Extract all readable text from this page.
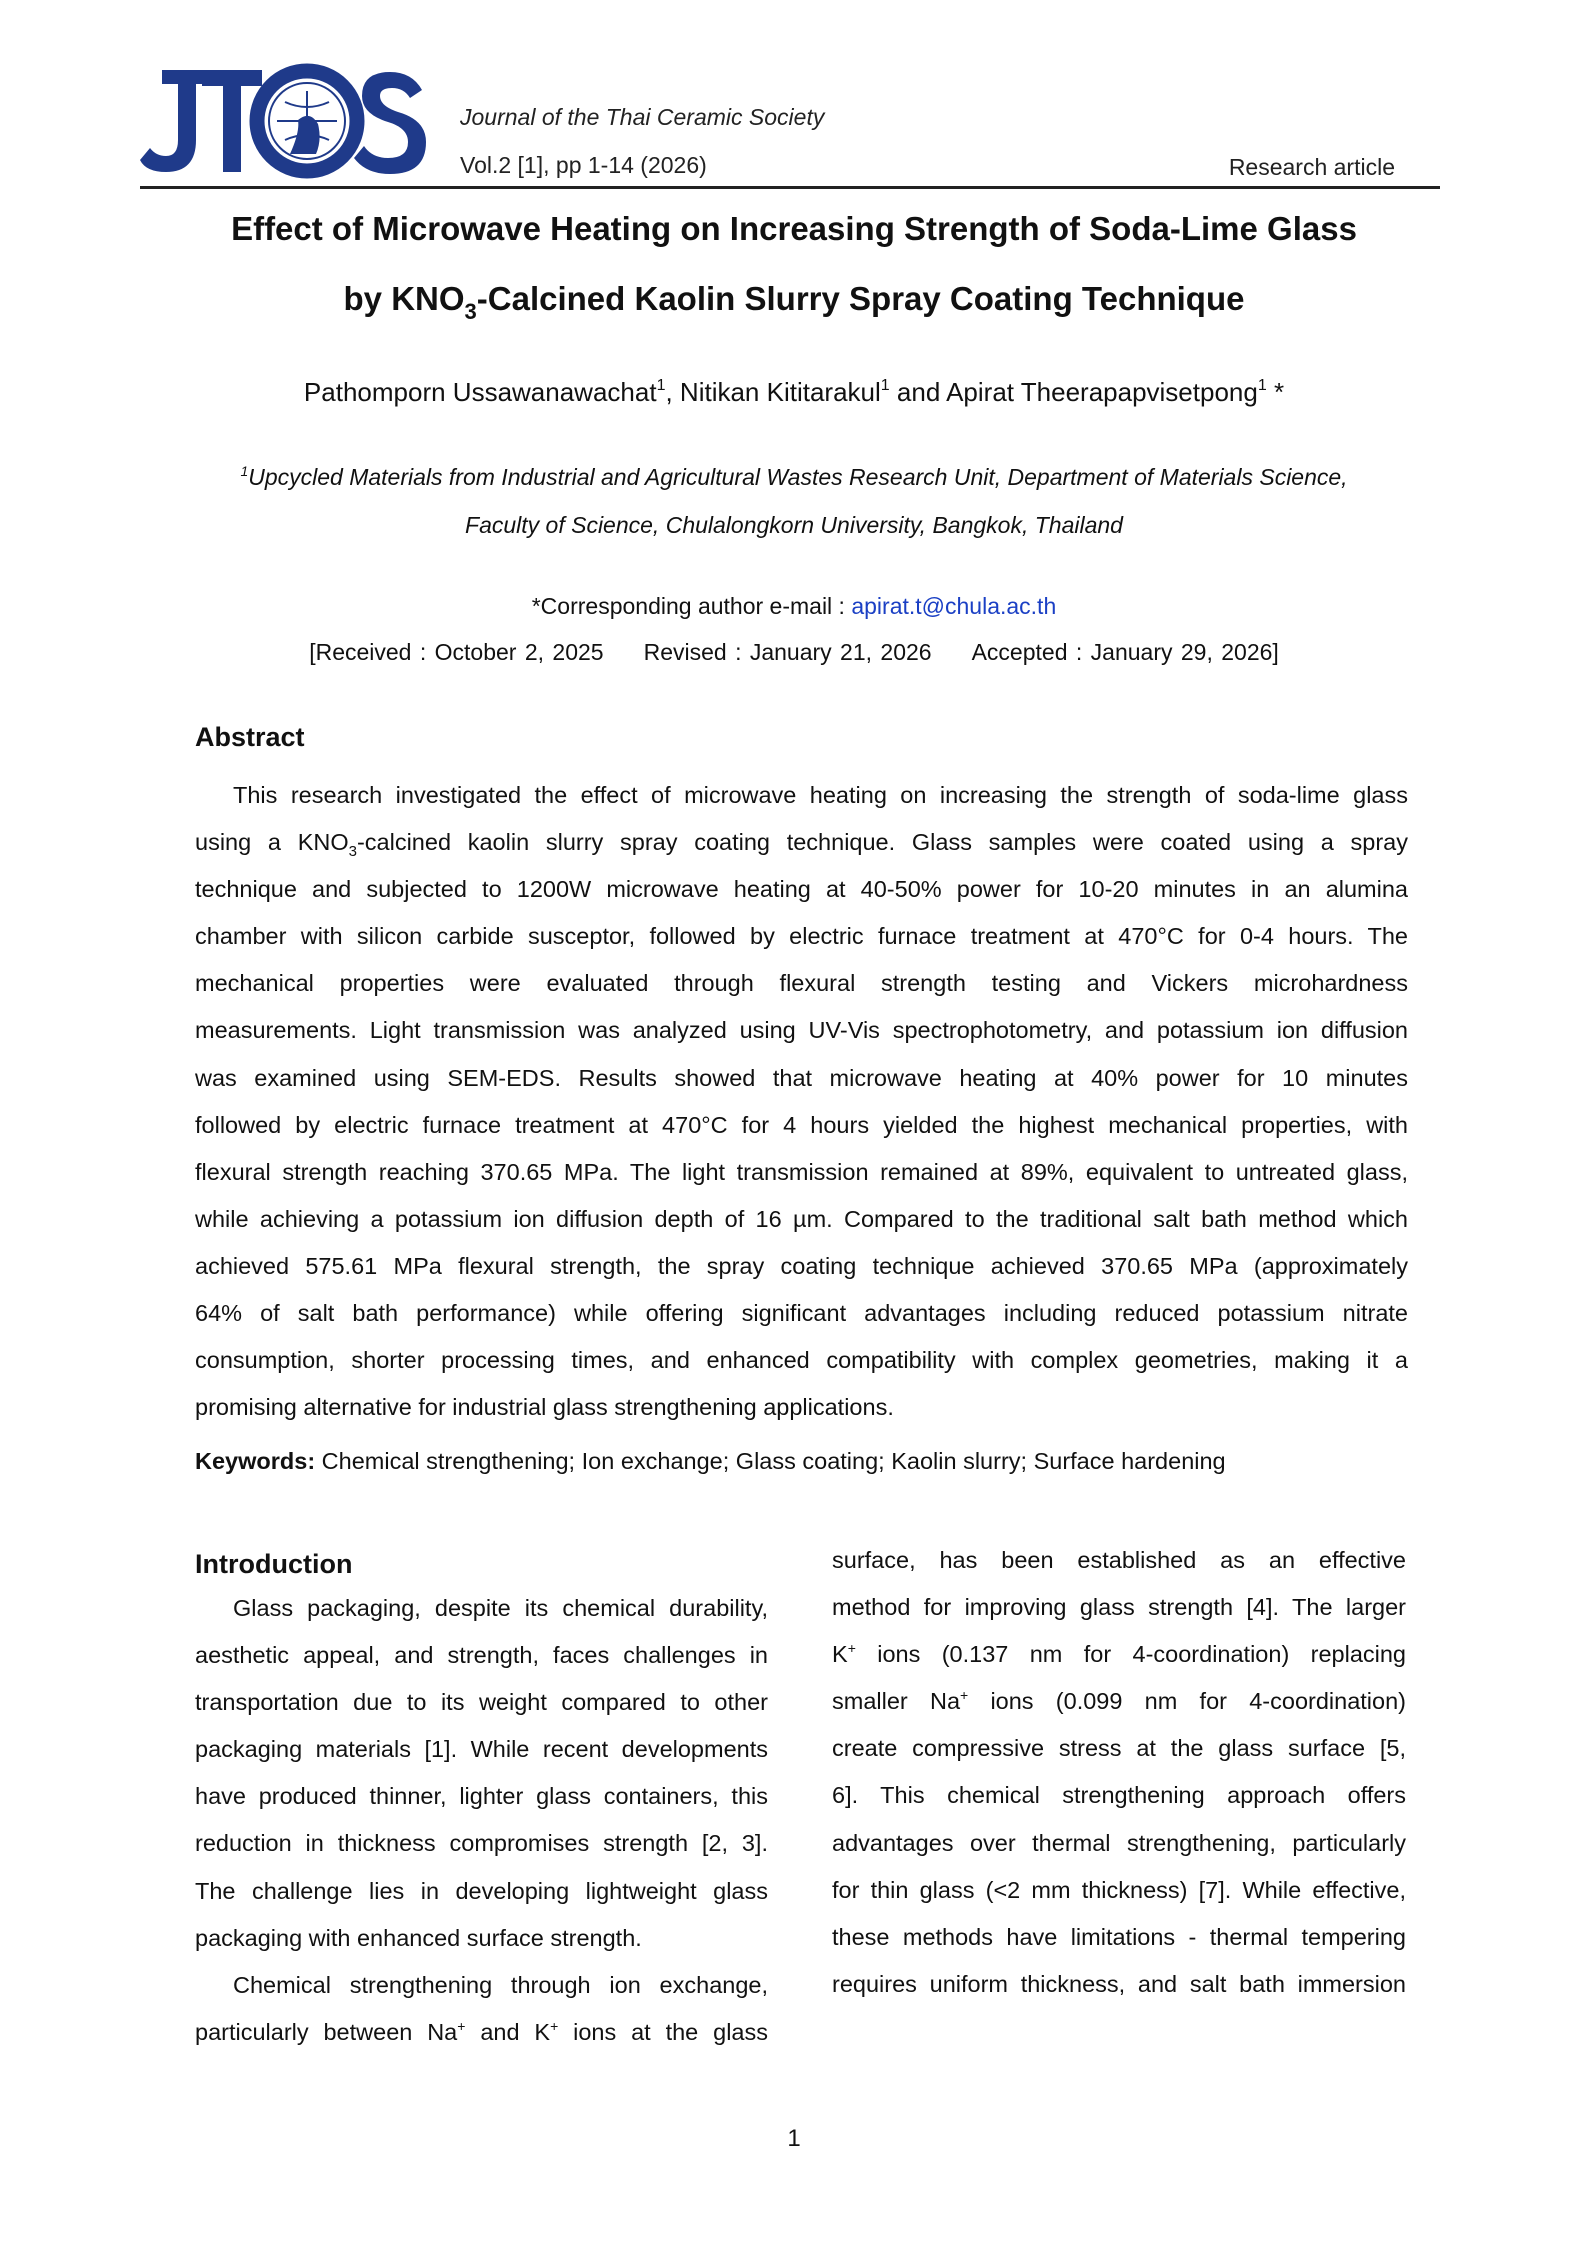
Journal of the Thai Ceramic Society
Vol.2 [1], pp 1-14 (2026)	Research article
Effect of Microwave Heating on Increasing Strength of Soda-Lime Glass
by $KNO_3$-Calcined Kaolin Slurry Spray Coating Technique
Pathomporn Ussawanawachat$^1$, Nitikan Kititarakul$^1$ and Apirat Theerapapvisetpong$^1$ *
$^1$Upcycled Materials from Industrial and Agricultural Wastes Research Unit, Department of Materials Science,
Faculty of Science, Chulalongkorn University, Bangkok, Thailand
*Corresponding author e-mail : apirat.t@chula.ac.th
[Received : October 2, 2025 Revised : January 21, 2026 Accepted : January 29, 2026]
Abstract
This research investigated the effect of microwave heating on increasing the strength of soda-lime glass
using a $KNO_3$-calcined kaolin slurry spray coating technique. Glass samples were coated using a spray
technique and subjected to 1200W microwave heating at 40-50% power for 10-20 minutes in an alumina
chamber with silicon carbide susceptor, followed by electric furnace treatment at 470°C for 0-4 hours. The
mechanical properties were evaluated through flexural strength testing and Vickers microhardness
measurements. Light transmission was analyzed using UV-Vis spectrophotometry, and potassium ion diffusion
was examined using SEM-EDS. Results showed that microwave heating at 40% power for 10 minutes
followed by electric furnace treatment at 470°C for 4 hours yielded the highest mechanical properties, with
flexural strength reaching 370.65 MPa. The light transmission remained at 89%, equivalent to untreated glass,
while achieving a potassium ion diffusion depth of 16 µm. Compared to the traditional salt bath method which
achieved 575.61 MPa flexural strength, the spray coating technique achieved 370.65 MPa (approximately
64% of salt bath performance) while offering significant advantages including reduced potassium nitrate
consumption, shorter processing times, and enhanced compatibility with complex geometries, making it a
promising alternative for industrial glass strengthening applications.
Keywords: Chemical strengthening; Ion exchange; Glass coating; Kaolin slurry; Surface hardening
Introduction
Glass packaging, despite its chemical durability,
aesthetic appeal, and strength, faces challenges in
transportation due to its weight compared to other
packaging materials [1]. While recent developments
have produced thinner, lighter glass containers, this
reduction in thickness compromises strength [2, 3].
The challenge lies in developing lightweight glass
packaging with enhanced surface strength.
Chemical strengthening through ion exchange,
particularly between Na+ and K+ ions at the glass
surface, has been established as an effective
method for improving glass strength [4]. The larger
K+ ions (0.137 nm for 4-coordination) replacing
smaller Na+ ions (0.099 nm for 4-coordination)
create compressive stress at the glass surface [5,
6]. This chemical strengthening approach offers
advantages over thermal strengthening, particularly
for thin glass (<2 mm thickness) [7]. While effective,
these methods have limitations - thermal tempering
requires uniform thickness, and salt bath immersion
1
